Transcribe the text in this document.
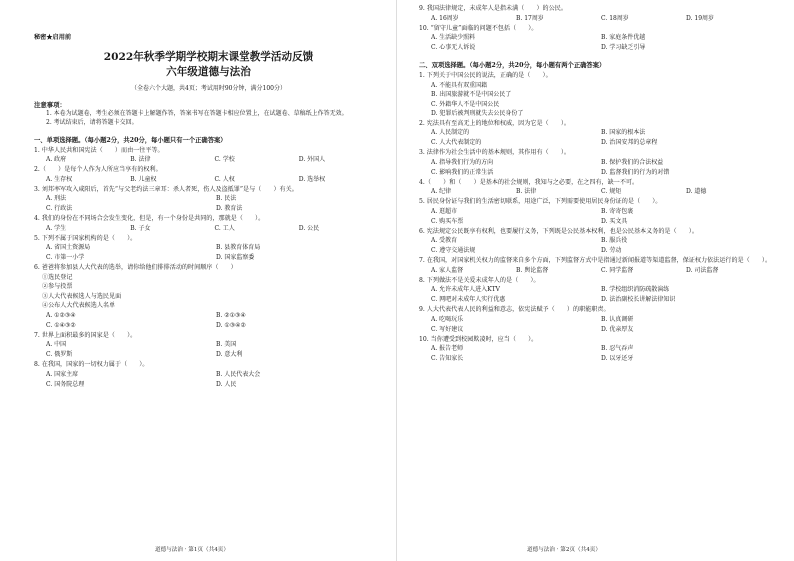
秘密★启用前
2022年秋季学期学校期末课堂教学活动反馈
六年级道德与法治
（全卷六个大题，共4页；考试用时90分钟，满分100分）
注意事项：
1. 本卷为试题卷，考生必须在答题卡上解题作答，答案书写在答题卡相应位置上，在试题卷、草稿纸上作答无效。
2. 考试结束后，请将答题卡交回。
一、单项选择题。（每小题2分，共20分，每小题只有一个正确答案）
1. 中华人民共和国宪法（　　）而由一往平等。
A. 政府	B. 法律	C. 学校	D. 外国人
2.（　　）是每个人作为人所应当享有的权利。
A. 生存权	B. 儿童权	C. 人权	D. 选举权
3. 刘邦率军攻入咸阳后，首先“与父老约法三章耳：杀人者死，伤人及盗抵罪”是与（　　）有关。
A. 刑法	B. 民法
C. 行政法	D. 教育法
4. 我们的身份在不同场合会发生变化，但是，有一个身份是共同的，那就是（　　）。
A. 学生	B. 子女	C. 工人	D. 公民
5. 下列不属于国家机构的是（　　）。
A. 省国土资源局	B. 县教育体育局
C. 市第一小学	D. 国家监察委
6. 爸爸将参加县人大代表的选举，请你给他们排排活动的时间顺序（　　）
①选民登记
②参与投票
③人大代表候选人与选民见面
④公布人大代表候选人名单
A. ①②③④	B. ②①③④
C. ①④③②	D. ①③④②
7. 世界上面积最多的国家是（　　）。
A. 中国	B. 美国
C. 俄罗斯	D. 意大利
8. 在我国，国家的一切权力属于（　　）。
A. 国家主席	B. 人民代表大会
C. 国务院总理	D. 人民
道德与法治 · 第1页（共4页）
9. 我国法律规定，未成年人是指未满（　　）的公民。
A. 16周岁	B. 17周岁	C. 18周岁	D. 19周岁
10. “留守儿童”面临的问题不包括（　　）。
A. 生活缺少照料	B. 家庭条件优越
C. 心事无人诉说	D. 学习缺乏引导
二、双项选择题。（每小题2分，共20分，每小题有两个正确答案）
1. 下列关于中国公民的说法，正确的是（　　）。
A. 不能具有双重国籍
B. 出国旅游就不是中国公民了
C. 外籍华人不是中国公民
D. 犯罪后被判刑就失去公民身份了
2. 宪法具有至高无上的地位和权威，因为它是（　　）。
A. 人民制定的	B. 国家的根本法
C. 人大代表制定的	D. 治国安邦的总章程
3. 法律作为社会生活中的基本规则，其作用有（　　）。
A. 指导我们行为的方向	B. 保护我们的合法权益
C. 影响我们的正常生活	D. 监督我们的行为的对错
4.（　　）和（　　）是基本的社会规则，我知与之必要，在之四有，缺一不可。
A. 纪律	B. 法律	C. 规矩	D. 道德
5. 居民身份证与我们的生活密切联系，用途广泛，下列需要使用居民身份证的是（　　）。
A. 逛超市	B. 寄寄包裹
C. 购买车票	D. 买文具
6. 宪法规定公民既享有权利，也要履行义务，下列既是公民基本权利，也是公民基本义务的是（　　）。
A. 受教育	B. 服兵役
C. 遵守交通法规	D. 劳动
7. 在我国，对国家机关权力的监督来自多个方面，下列监督方式中是指通过新闻报道等渠道监督，保证权力依法运行的是（　　）。
A. 家人监督	B. 舆论监督	C. 同学监督	D. 司法监督
8. 下列做法不是关爱未成年人的是（　　）。
A. 允许未成年人进入KTV	B. 学校组织消防疏散演练
C. 网吧对未成年人实行优惠	D. 法治副校长讲解法律知识
9. 人大代表代表人民的利益和意志，依宪法赋予（　　）的职能职责。
A. 吃喝玩乐	B. 认真调研
C. 写好建议	D. 优亲厚友
10. 当你遭受到校园欺凌时，应当（　　）。
A. 报告老师	B. 忍气吞声
C. 告知家长	D. 以牙还牙
道德与法治 · 第2页（共4页）
